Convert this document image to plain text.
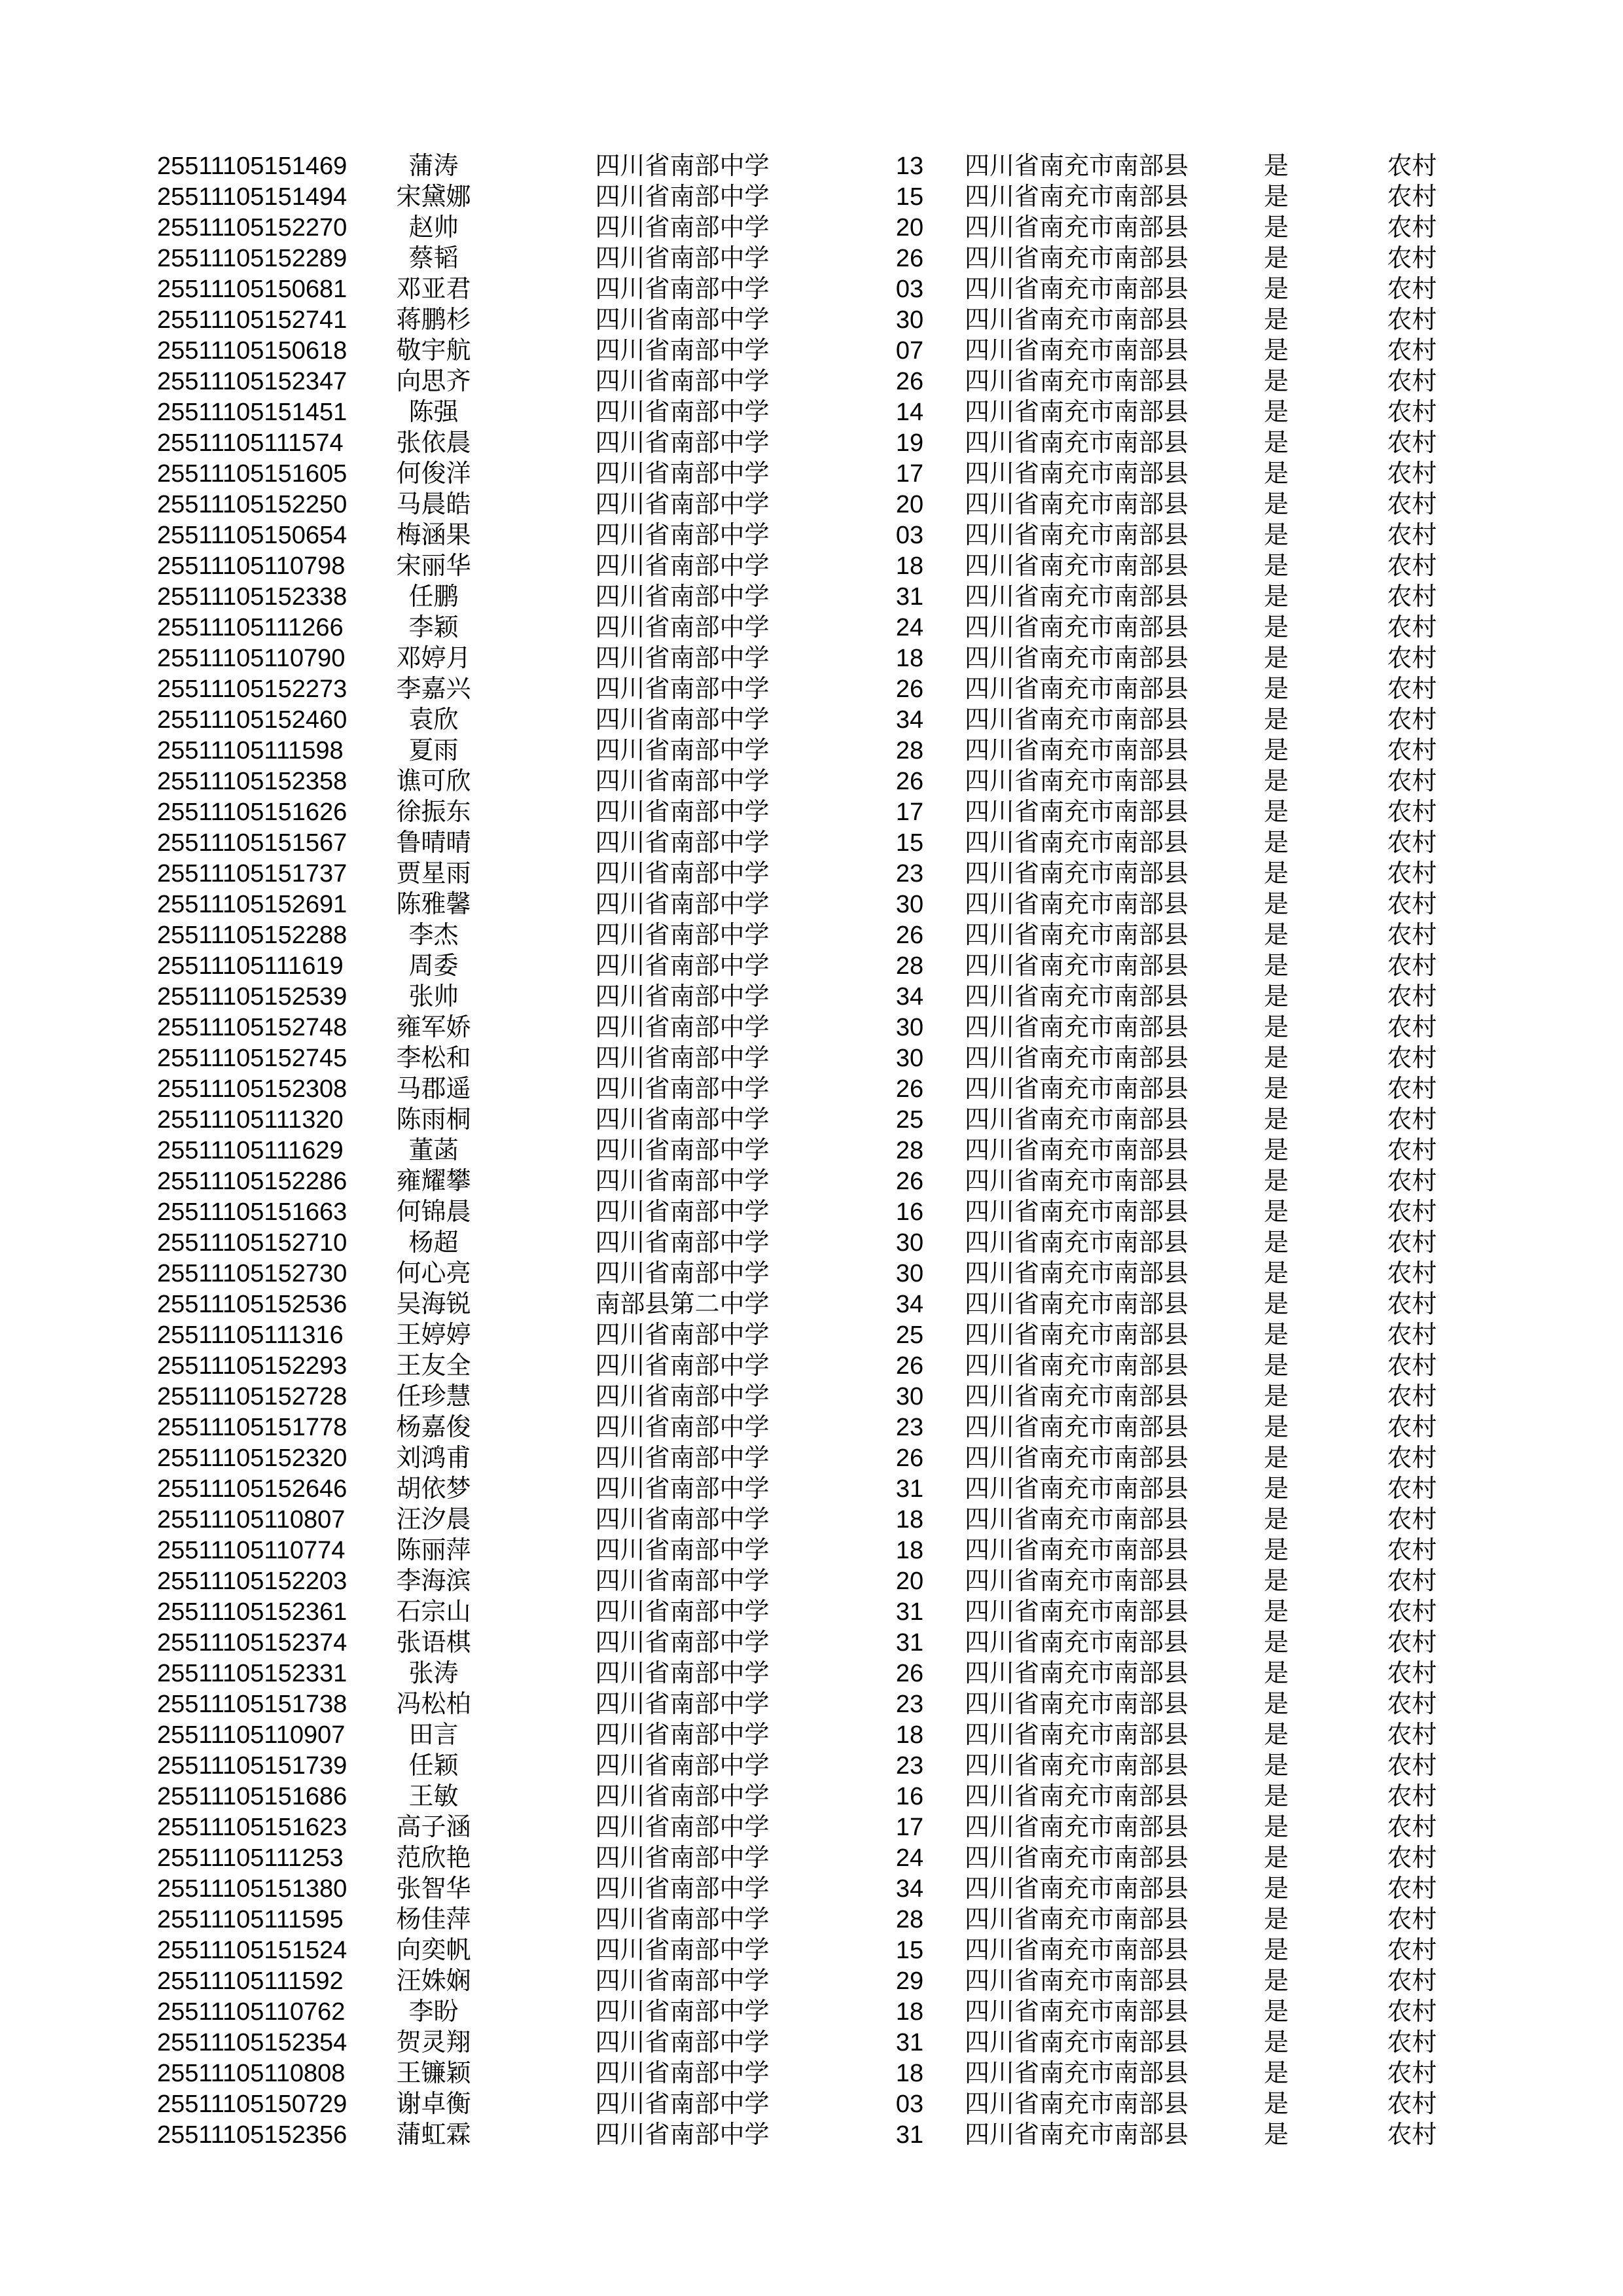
25511105151469	蒲涛	四川省南部中学	13	四川省南充市南部县	是	农村
25511105151494	宋黛娜	四川省南部中学	15	四川省南充市南部县	是	农村
25511105152270	赵帅	四川省南部中学	20	四川省南充市南部县	是	农村
25511105152289	蔡韬	四川省南部中学	26	四川省南充市南部县	是	农村
25511105150681	邓亚君	四川省南部中学	03	四川省南充市南部县	是	农村
25511105152741	蒋鹏杉	四川省南部中学	30	四川省南充市南部县	是	农村
25511105150618	敬宇航	四川省南部中学	07	四川省南充市南部县	是	农村
25511105152347	向思齐	四川省南部中学	26	四川省南充市南部县	是	农村
25511105151451	陈强	四川省南部中学	14	四川省南充市南部县	是	农村
25511105111574	张依晨	四川省南部中学	19	四川省南充市南部县	是	农村
25511105151605	何俊洋	四川省南部中学	17	四川省南充市南部县	是	农村
25511105152250	马晨皓	四川省南部中学	20	四川省南充市南部县	是	农村
25511105150654	梅涵果	四川省南部中学	03	四川省南充市南部县	是	农村
25511105110798	宋丽华	四川省南部中学	18	四川省南充市南部县	是	农村
25511105152338	任鹏	四川省南部中学	31	四川省南充市南部县	是	农村
25511105111266	李颖	四川省南部中学	24	四川省南充市南部县	是	农村
25511105110790	邓婷月	四川省南部中学	18	四川省南充市南部县	是	农村
25511105152273	李嘉兴	四川省南部中学	26	四川省南充市南部县	是	农村
25511105152460	袁欣	四川省南部中学	34	四川省南充市南部县	是	农村
25511105111598	夏雨	四川省南部中学	28	四川省南充市南部县	是	农村
25511105152358	谯可欣	四川省南部中学	26	四川省南充市南部县	是	农村
25511105151626	徐振东	四川省南部中学	17	四川省南充市南部县	是	农村
25511105151567	鲁晴晴	四川省南部中学	15	四川省南充市南部县	是	农村
25511105151737	贾星雨	四川省南部中学	23	四川省南充市南部县	是	农村
25511105152691	陈雅馨	四川省南部中学	30	四川省南充市南部县	是	农村
25511105152288	李杰	四川省南部中学	26	四川省南充市南部县	是	农村
25511105111619	周委	四川省南部中学	28	四川省南充市南部县	是	农村
25511105152539	张帅	四川省南部中学	34	四川省南充市南部县	是	农村
25511105152748	雍军娇	四川省南部中学	30	四川省南充市南部县	是	农村
25511105152745	李松和	四川省南部中学	30	四川省南充市南部县	是	农村
25511105152308	马郡遥	四川省南部中学	26	四川省南充市南部县	是	农村
25511105111320	陈雨桐	四川省南部中学	25	四川省南充市南部县	是	农村
25511105111629	董菡	四川省南部中学	28	四川省南充市南部县	是	农村
25511105152286	雍耀攀	四川省南部中学	26	四川省南充市南部县	是	农村
25511105151663	何锦晨	四川省南部中学	16	四川省南充市南部县	是	农村
25511105152710	杨超	四川省南部中学	30	四川省南充市南部县	是	农村
25511105152730	何心亮	四川省南部中学	30	四川省南充市南部县	是	农村
25511105152536	吴海锐	南部县第二中学	34	四川省南充市南部县	是	农村
25511105111316	王婷婷	四川省南部中学	25	四川省南充市南部县	是	农村
25511105152293	王友全	四川省南部中学	26	四川省南充市南部县	是	农村
25511105152728	任珍慧	四川省南部中学	30	四川省南充市南部县	是	农村
25511105151778	杨嘉俊	四川省南部中学	23	四川省南充市南部县	是	农村
25511105152320	刘鸿甫	四川省南部中学	26	四川省南充市南部县	是	农村
25511105152646	胡依梦	四川省南部中学	31	四川省南充市南部县	是	农村
25511105110807	汪汐晨	四川省南部中学	18	四川省南充市南部县	是	农村
25511105110774	陈丽萍	四川省南部中学	18	四川省南充市南部县	是	农村
25511105152203	李海滨	四川省南部中学	20	四川省南充市南部县	是	农村
25511105152361	石宗山	四川省南部中学	31	四川省南充市南部县	是	农村
25511105152374	张语棋	四川省南部中学	31	四川省南充市南部县	是	农村
25511105152331	张涛	四川省南部中学	26	四川省南充市南部县	是	农村
25511105151738	冯松柏	四川省南部中学	23	四川省南充市南部县	是	农村
25511105110907	田言	四川省南部中学	18	四川省南充市南部县	是	农村
25511105151739	任颖	四川省南部中学	23	四川省南充市南部县	是	农村
25511105151686	王敏	四川省南部中学	16	四川省南充市南部县	是	农村
25511105151623	高子涵	四川省南部中学	17	四川省南充市南部县	是	农村
25511105111253	范欣艳	四川省南部中学	24	四川省南充市南部县	是	农村
25511105151380	张智华	四川省南部中学	34	四川省南充市南部县	是	农村
25511105111595	杨佳萍	四川省南部中学	28	四川省南充市南部县	是	农村
25511105151524	向奕帆	四川省南部中学	15	四川省南充市南部县	是	农村
25511105111592	汪姝娴	四川省南部中学	29	四川省南充市南部县	是	农村
25511105110762	李盼	四川省南部中学	18	四川省南充市南部县	是	农村
25511105152354	贺灵翔	四川省南部中学	31	四川省南充市南部县	是	农村
25511105110808	王镰颖	四川省南部中学	18	四川省南充市南部县	是	农村
25511105150729	谢卓衡	四川省南部中学	03	四川省南充市南部县	是	农村
25511105152356	蒲虹霖	四川省南部中学	31	四川省南充市南部县	是	农村
